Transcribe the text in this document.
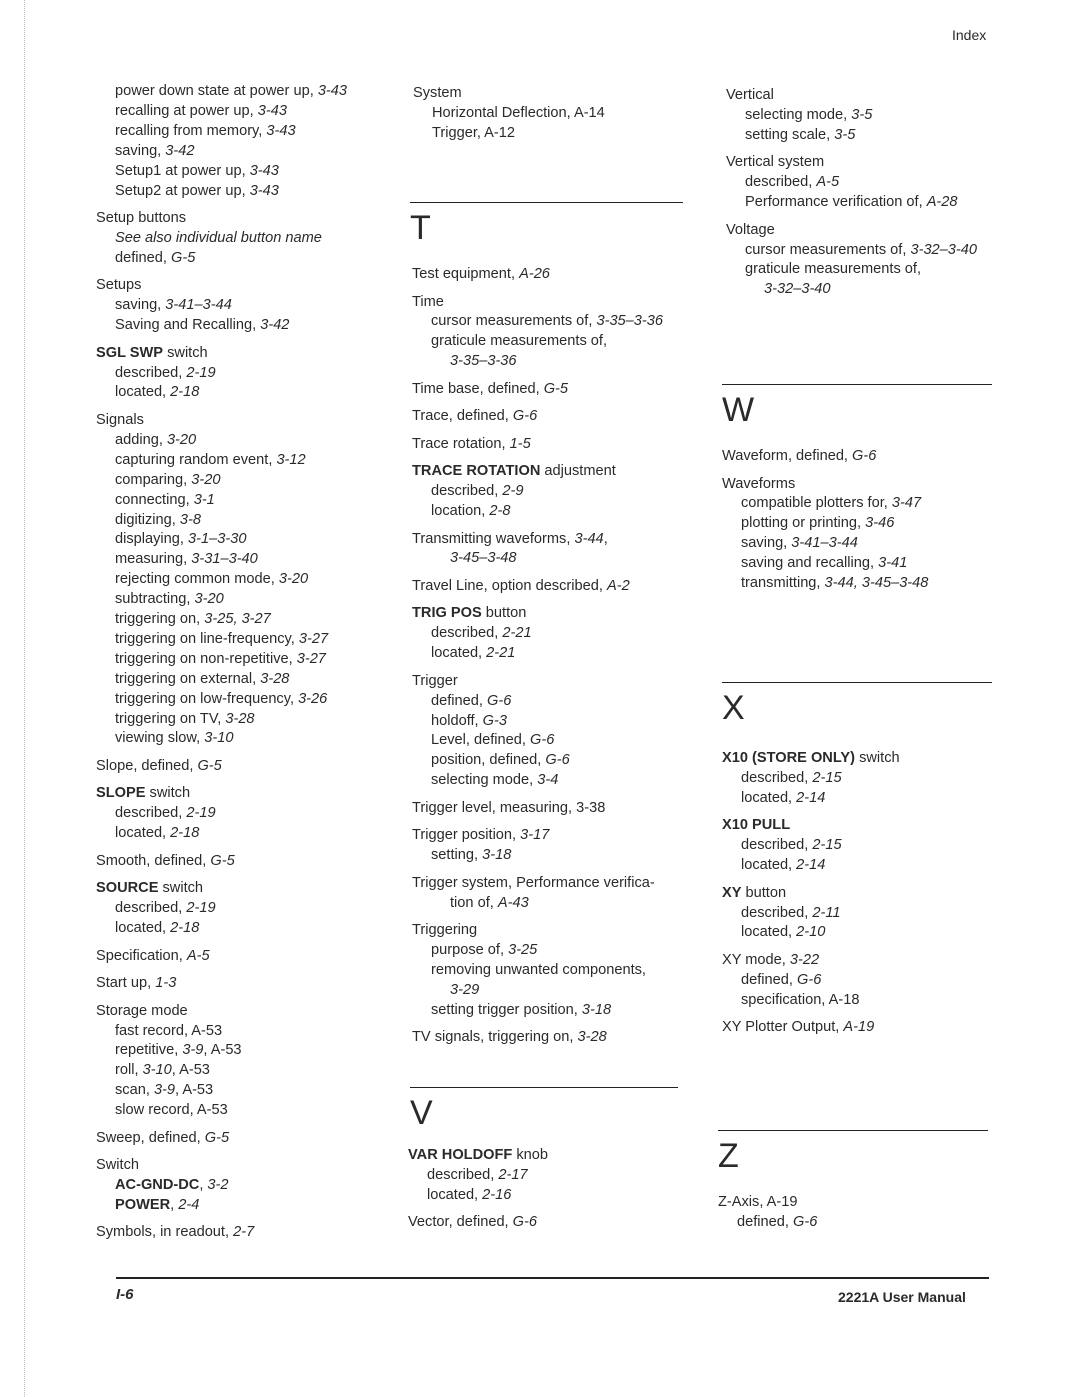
Index
power down state at power up, 3-43
recalling at power up, 3-43
recalling from memory, 3-43
saving, 3-42
Setup1 at power up, 3-43
Setup2 at power up, 3-43
Setup buttons
See also individual button name
defined, G-5
Setups
saving, 3-41–3-44
Saving and Recalling, 3-42
SGL SWP switch
described, 2-19
located, 2-18
Signals
adding, 3-20
capturing random event, 3-12
comparing, 3-20
connecting, 3-1
digitizing, 3-8
displaying, 3-1–3-30
measuring, 3-31–3-40
rejecting common mode, 3-20
subtracting, 3-20
triggering on, 3-25, 3-27
triggering on line-frequency, 3-27
triggering on non-repetitive, 3-27
triggering on external, 3-28
triggering on low-frequency, 3-26
triggering on TV, 3-28
viewing slow, 3-10
Slope, defined, G-5
SLOPE switch
described, 2-19
located, 2-18
Smooth, defined, G-5
SOURCE switch
described, 2-19
located, 2-18
Specification, A-5
Start up, 1-3
Storage mode
fast record, A-53
repetitive, 3-9, A-53
roll, 3-10, A-53
scan, 3-9, A-53
slow record, A-53
Sweep, defined, G-5
Switch
AC-GND-DC, 3-2
POWER, 2-4
Symbols, in readout, 2-7
System
Horizontal Deflection, A-14
Trigger, A-12
T
Test equipment, A-26
Time
cursor measurements of, 3-35–3-36
graticule measurements of,
3-35–3-36
Time base, defined, G-5
Trace, defined, G-6
Trace rotation, 1-5
TRACE ROTATION adjustment
described, 2-9
location, 2-8
Transmitting waveforms, 3-44,
3-45–3-48
Travel Line, option described, A-2
TRIG POS button
described, 2-21
located, 2-21
Trigger
defined, G-6
holdoff, G-3
Level, defined, G-6
position, defined, G-6
selecting mode, 3-4
Trigger level, measuring, 3-38
Trigger position, 3-17
setting, 3-18
Trigger system, Performance verifica-
tion of, A-43
Triggering
purpose of, 3-25
removing unwanted components,
3-29
setting trigger position, 3-18
TV signals, triggering on, 3-28
V
VAR HOLDOFF knob
described, 2-17
located, 2-16
Vector, defined, G-6
Vertical
selecting mode, 3-5
setting scale, 3-5
Vertical system
described, A-5
Performance verification of, A-28
Voltage
cursor measurements of, 3-32–3-40
graticule measurements of,
3-32–3-40
W
Waveform, defined, G-6
Waveforms
compatible plotters for, 3-47
plotting or printing, 3-46
saving, 3-41–3-44
saving and recalling, 3-41
transmitting, 3-44, 3-45–3-48
X
X10 (STORE ONLY) switch
described, 2-15
located, 2-14
X10 PULL
described, 2-15
located, 2-14
XY button
described, 2-11
located, 2-10
XY mode, 3-22
defined, G-6
specification, A-18
XY Plotter Output, A-19
Z
Z-Axis, A-19
defined, G-6
I-6	2221A User Manual
